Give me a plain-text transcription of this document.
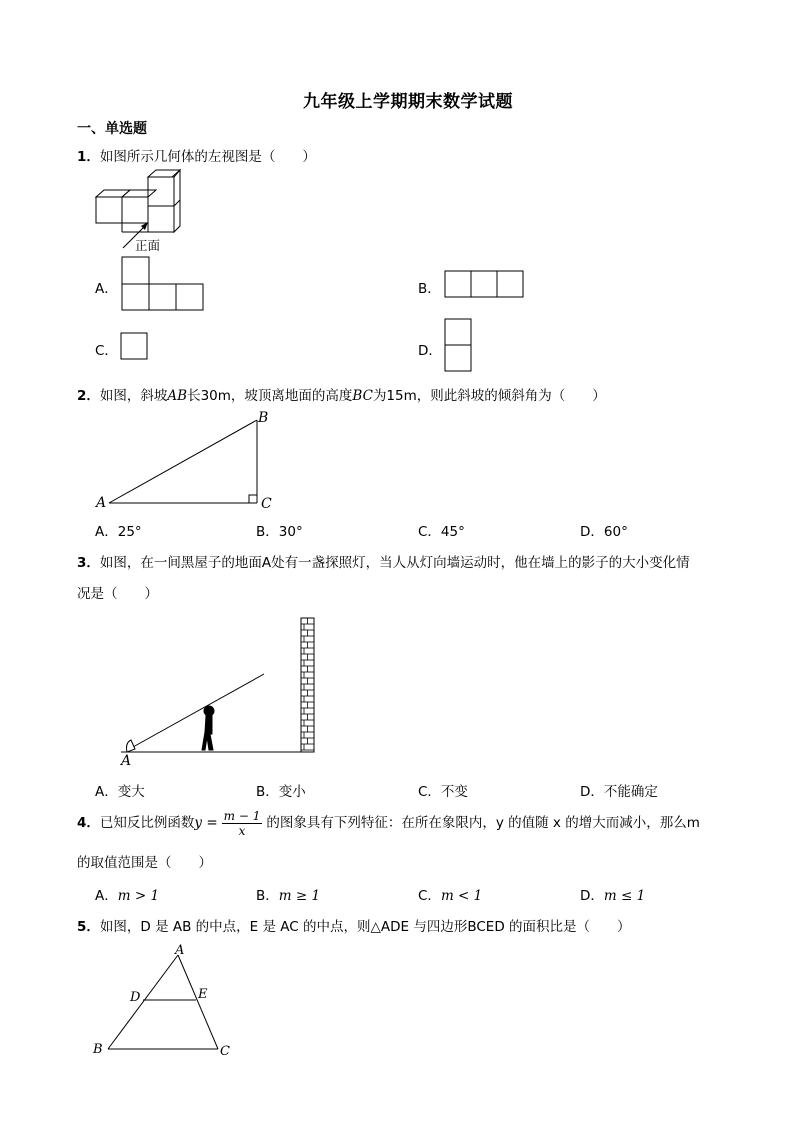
九年级上学期期末数学试题
一、单选题
1．如图所示几何体的左视图是（　　）
正面
A．	B．
C．	D．
2．如图，斜坡AB长30m，坡顶离地面的高度BC为15m，则此斜坡的倾斜角为（　　）
A
B
C
A．25°	B．30°	C．45°	D．60°
3．如图，在一间黑屋子的地面A处有一盏探照灯，当人从灯向墙运动时，他在墙上的影子的大小变化情
况是（　　）
A
A．变大	B．变小	C．不变	D．不能确定
4．已知反比例函数$y = \frac{m - 1}{x}$ 的图象具有下列特征：在所在象限内，y 的值随 x 的增大而减小，那么m
的取值范围是（　　）
A．m > 1	B．m ≥ 1	C．m < 1	D．m ≤ 1
5．如图，D 是 AB 的中点，E 是 AC 的中点，则△ADE 与四边形BCED 的面积比是（　　）
A
B	C
D	E
